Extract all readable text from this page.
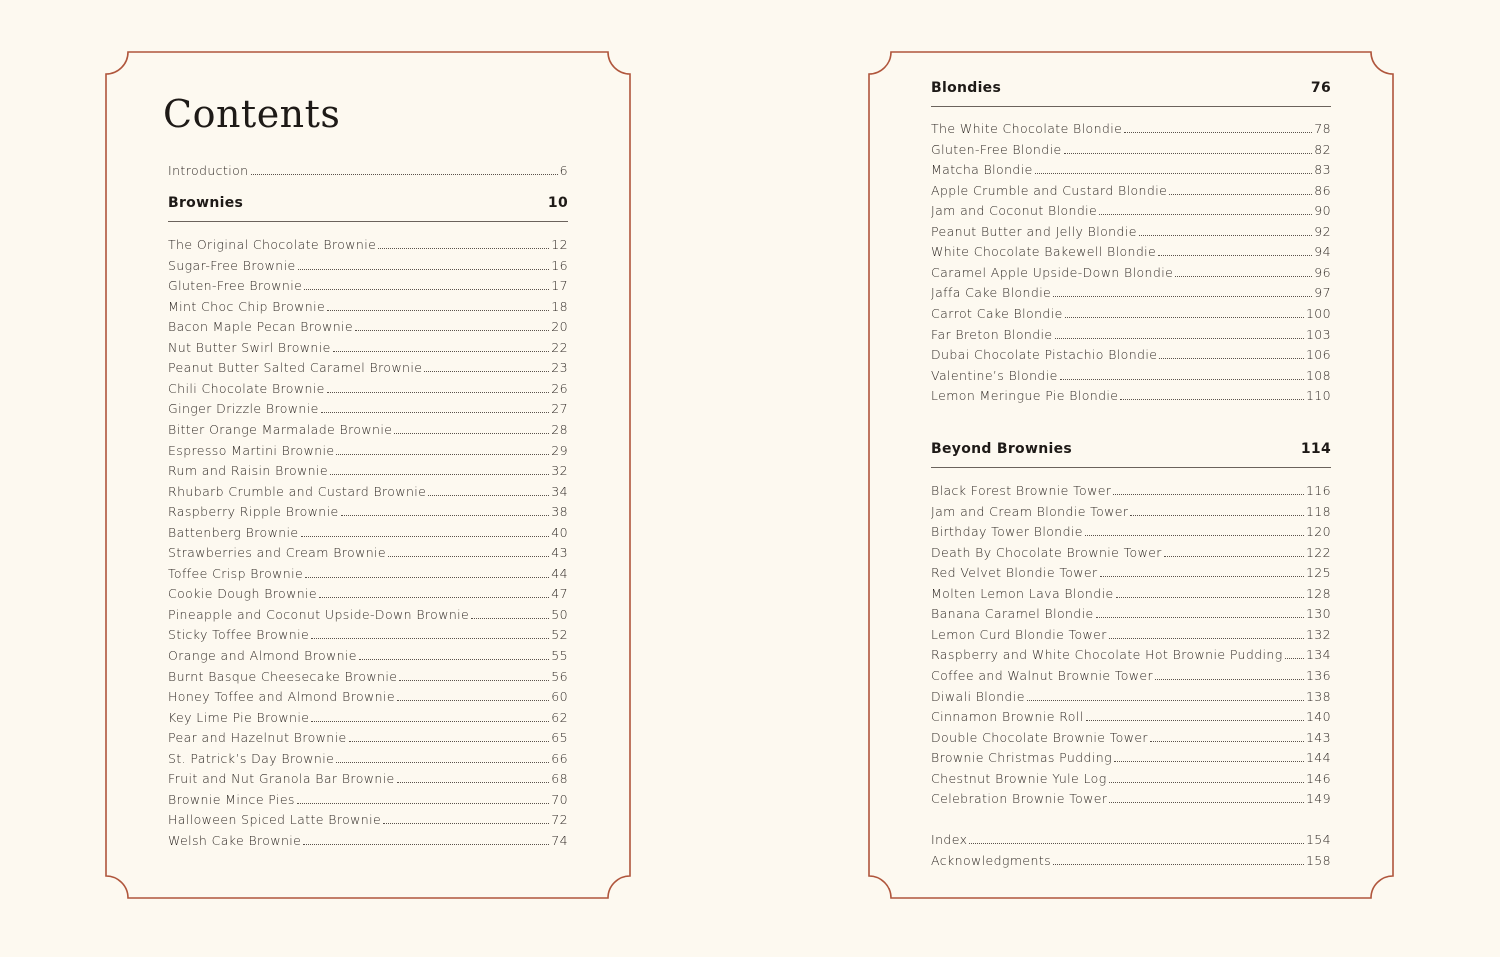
Contents
Introduction	6
Brownies	10
The Original Chocolate Brownie	12
Sugar-Free Brownie	16
Gluten-Free Brownie	17
Mint Choc Chip Brownie	18
Bacon Maple Pecan Brownie	20
Nut Butter Swirl Brownie	22
Peanut Butter Salted Caramel Brownie	23
Chili Chocolate Brownie	26
Ginger Drizzle Brownie	27
Bitter Orange Marmalade Brownie	28
Espresso Martini Brownie	29
Rum and Raisin Brownie	32
Rhubarb Crumble and Custard Brownie	34
Raspberry Ripple Brownie	38
Battenberg Brownie	40
Strawberries and Cream Brownie	43
Toffee Crisp Brownie	44
Cookie Dough Brownie	47
Pineapple and Coconut Upside-Down Brownie	50
Sticky Toffee Brownie	52
Orange and Almond Brownie	55
Burnt Basque Cheesecake Brownie	56
Honey Toffee and Almond Brownie	60
Key Lime Pie Brownie	62
Pear and Hazelnut Brownie	65
St. Patrick’s Day Brownie	66
Fruit and Nut Granola Bar Brownie	68
Brownie Mince Pies	70
Halloween Spiced Latte Brownie	72
Welsh Cake Brownie	74
Blondies	76
The White Chocolate Blondie	78
Gluten-Free Blondie	82
Matcha Blondie	83
Apple Crumble and Custard Blondie	86
Jam and Coconut Blondie	90
Peanut Butter and Jelly Blondie	92
White Chocolate Bakewell Blondie	94
Caramel Apple Upside-Down Blondie	96
Jaffa Cake Blondie	97
Carrot Cake Blondie	100
Far Breton Blondie	103
Dubai Chocolate Pistachio Blondie	106
Valentine’s Blondie	108
Lemon Meringue Pie Blondie	110
Beyond Brownies	114
Black Forest Brownie Tower	116
Jam and Cream Blondie Tower	118
Birthday Tower Blondie	120
Death By Chocolate Brownie Tower	122
Red Velvet Blondie Tower	125
Molten Lemon Lava Blondie	128
Banana Caramel Blondie	130
Lemon Curd Blondie Tower	132
Raspberry and White Chocolate Hot Brownie Pudding 134
Coffee and Walnut Brownie Tower	136
Diwali Blondie	138
Cinnamon Brownie Roll	140
Double Chocolate Brownie Tower	143
Brownie Christmas Pudding	144
Chestnut Brownie Yule Log	146
Celebration Brownie Tower	149
Index	154
Acknowledgments	158
